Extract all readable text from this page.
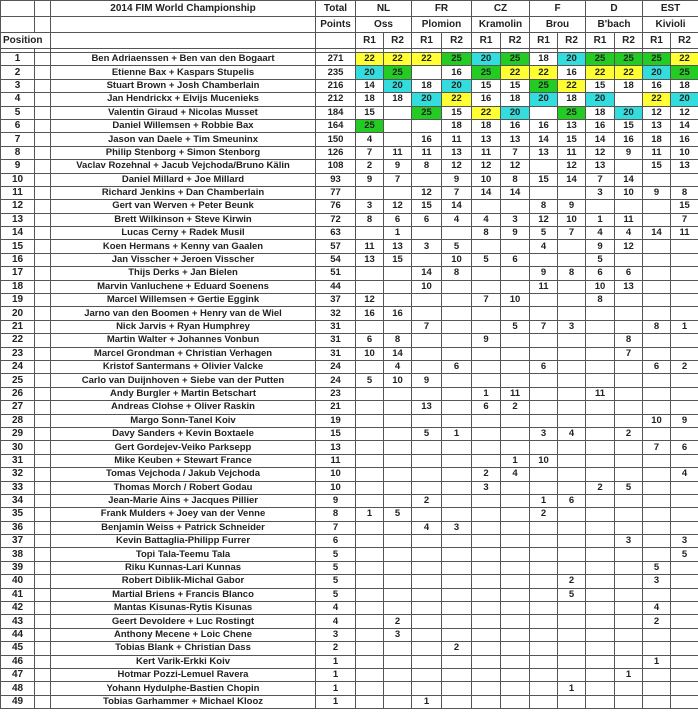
		2014 FIM World Championship	Total	NL		FR		CZ		F		D		EST	
			Points	Oss		Plomion		Kramolin		Brou		B'bach		Kivioli	
Position				R1	R2	R1	R2	R1	R2	R1	R2	R1	R2	R1	R2

1		Ben Adriaenssen + Ben van den Bogaart	271	22	22	22	25	20	25	18	20	25	25	25	22
2		Etienne Bax + Kaspars Stupelis	235	20	25		16	25	22	22	16	22	22	20	25
3		Stuart Brown + Josh Chamberlain	216	14	20	18	20	15	15	25	22	15	18	16	18
4		Jan Hendrickx + Elvijs Mucenieks	212	18	18	20	22	16	18	20	18	20		22	20
5		Valentin Giraud + Nicolas Musset	184	15		25	15	22	20		25	18	20	12	12
6		Daniel Willemsen + Robbie Bax	164	25			18	18	16	16	13	16	15	13	14
7		Jason van Daele + Tim Smeuninx	150	4		16	11	13	13	14	15	14	16	18	16
8		Philip Stenborg + Simon Stenborg	126	7	11	11	13	11	7	13	11	12	9	11	10
9		Vaclav Rozehnal + Jacub Vejchoda/Bruno Kälin	108	2	9	8	12	12	12		12	13		15	13
10		Daniel Millard + Joe Millard	93	9	7		9	10	8	15	14	7	14		
11		Richard Jenkins + Dan Chamberlain	77			12	7	14	14			3	10	9	8
12		Gert van Werven + Peter Beunk	76	3	12	15	14			8	9				15
13		Brett Wilkinson + Steve Kirwin	72	8	6	6	4	4	3	12	10	1	11		7
14		Lucas Cerny + Radek Musil	63		1			8	9	5	7	4	4	14	11
15		Koen Hermans + Kenny van Gaalen	57	11	13	3	5			4		9	12		
16		Jan Visscher + Jeroen Visscher	54	13	15		10	5	6			5			
17		Thijs Derks + Jan Bielen	51			14	8			9	8	6	6		
18		Marvin Vanluchene + Eduard Soenens	44			10				11		10	13		
19		Marcel Willemsen + Gertie Eggink	37	12				7	10			8			
20		Jarno van den Boomen + Henry van de Wiel	32	16	16										
21		Nick Jarvis + Ryan Humphrey	31			7			5	7	3			8	1
22		Martin Walter + Johannes Vonbun	31	6	8			9					8		
23		Marcel Grondman + Christian Verhagen	31	10	14								7		
24		Kristof Santermans + Olivier Valcke	24		4		6			6				6	2
25		Carlo van Duijnhoven + Siebe van der Putten	24	5	10	9									
26		Andy Burgler + Martin Betschart	23					1	11			11			
27		Andreas Clohse + Oliver Raskin	21			13		6	2						
28		Margo Sonn-Tanel Koiv	19											10	9
29		Davy Sanders + Kevin Boxtaele	15			5	1			3	4		2		
30		Gert Gordejev-Veiko Parksepp	13											7	6
31		Mike Keuben + Stewart France	11						1	10					
32		Tomas Vejchoda / Jakub Vejchoda	10					2	4						4
33		Thomas Morch / Robert Godau	10					3				2	5		
34		Jean-Marie Ains + Jacques Pillier	9			2				1	6				
35		Frank Mulders + Joey van der Venne	8	1	5					2					
36		Benjamin Weiss + Patrick Schneider	7			4	3								
37		Kevin Battaglia-Philipp Furrer	6										3		3
38		Topi Tala-Teemu Tala	5												5
39		Riku Kunnas-Lari Kunnas	5											5	
40		Robert Diblik-Michal Gabor	5								2			3	
41		Martial Briens + Francis Blanco	5								5				
42		Mantas Kisunas-Rytis Kisunas	4											4	
43		Geert Devoldere + Luc Rostingt	4		2									2	
44		Anthony Mecene + Loic Chene	3		3										
45		Tobias Blank + Christian Dass	2				2								
46		Kert Varik-Erkki Koiv	1											1	
47		Hotmar Pozzi-Lemuel Ravera	1										1		
48		Yohann Hydulphe-Bastien Chopin	1								1				
49		Tobias Garhammer + Michael Klooz	1			1									
